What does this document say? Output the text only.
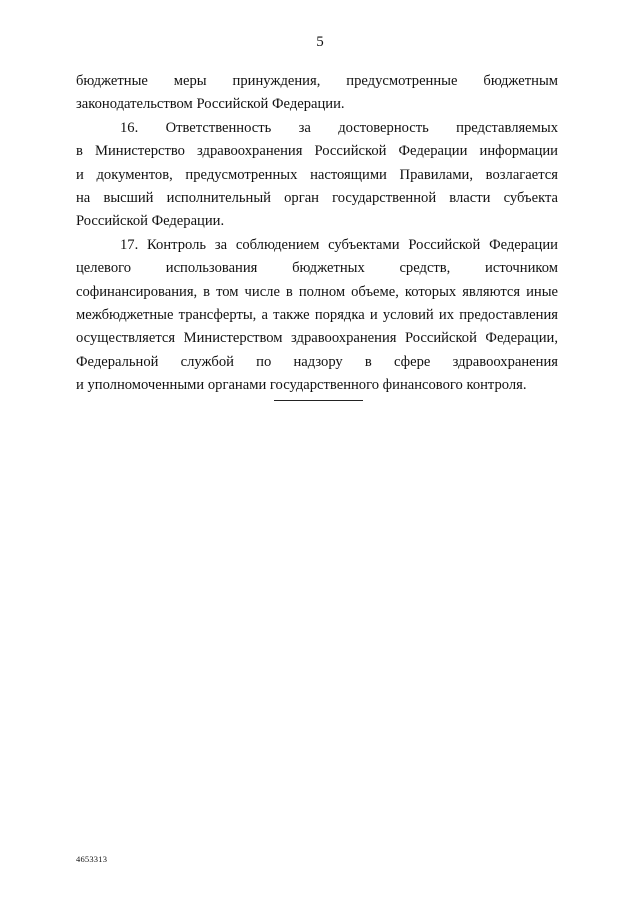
5
бюджетные меры принуждения, предусмотренные бюджетным
законодательством Российской Федерации.
16. Ответственность за достоверность представляемых
в Министерство здравоохранения Российской Федерации информации
и документов, предусмотренных настоящими Правилами, возлагается
на высший исполнительный орган государственной власти субъекта
Российской Федерации.
17. Контроль за соблюдением субъектами Российской Федерации
целевого использования бюджетных средств, источником
софинансирования, в том числе в полном объеме, которых являются иные
межбюджетные трансферты, а также порядка и условий их предоставления
осуществляется Министерством здравоохранения Российской Федерации,
Федеральной службой по надзору в сфере здравоохранения
и уполномоченными органами государственного финансового контроля.
4653313
